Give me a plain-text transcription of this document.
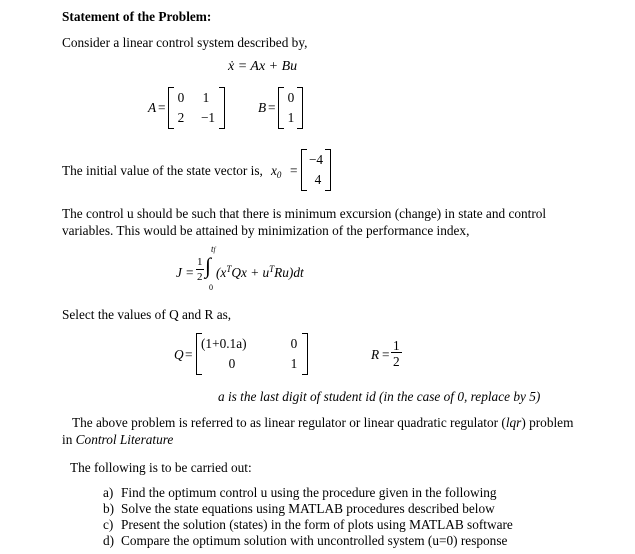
Statement of the Problem:
Consider a linear control system described by,
ẋ = Ax + Bu
A =
0	1
2	−1
B =
0
1
The initial value of the state vector is, $x_0$ =
−4
4
The control u should be such that there is minimum excursion (change) in state and control
variables. This would be attained by minimization of the performance index,
J =
1
2 ∫
tf
0
$(x^TQx + u^TRu)dt$
Select the values of Q and R as,
Q =
(1+0.1a)	0
0	1
R =
1
2
a is the last digit of student id (in the case of 0, replace by 5)
The above problem is referred to as linear regulator or linear quadratic regulator (lqr) problem
in Control Literature
The following is to be carried out:
a) Find the optimum control u using the procedure given in the following
b) Solve the state equations using MATLAB procedures described below
c) Present the solution (states) in the form of plots using MATLAB software
d) Compare the optimum solution with uncontrolled system (u=0) response
